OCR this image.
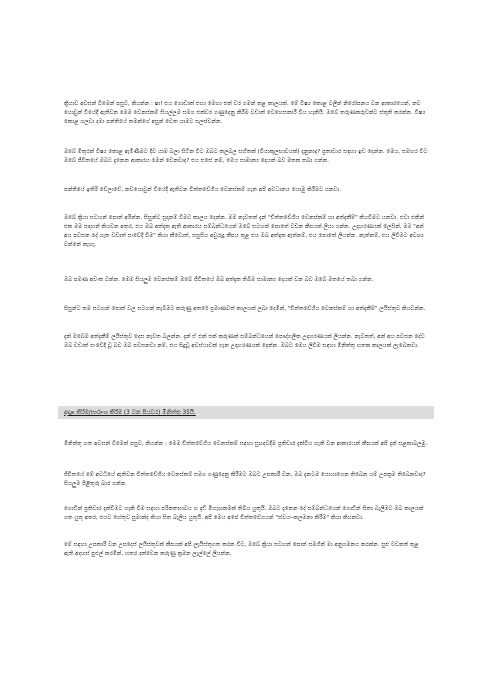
ක්‍රියාව අවසන් වීමෙන් පසුව, කියන්න : ෂා! එය ගොඩාක් එහා මෙහා එක් වර ගමන් කළ කාලයක්. මේ විෂ්‍ය කොළ වලින් නිරෝපනය වන ආකාරයෙන්, නව යොවුන් වියේදී ඇතිවන මෙම වෙනස්කම් සියල්ලම සමග එක්වර ගණුදෙනු කිරීම වඩාත් වෙහෙසකාරී විය හැකියි. ඔබේ තරුණකරුවන්ට ස්තූති කරන්න. විෂ්‍ය කොළ ගලවා දමා පන්තියේ තමන්ගේ අසුන් වෙත යාමට සලස්වන්න.

ඔබේ මිතුරන් විෂ්‍ය කොළ ඇමිණීමට දිව යාම බලා සිටින විට ඔබට කලබල සහිතක් (වියාකූලභාවයක්) දැනුනාද? ප්‍රතාචාර සඳහා ඉඩ දෙන්න. මෙය, සමහර විට ඔබේ ජීවිතයේ ඔබට දැනෙන ආකාරය මෙන් වෙනවාද? එය එසේ නම්, මෙය සාමාන්‍ය දෙයක් බව මතක තබා ගන්න.

පන්තියේ ඉතිරි වේලාවේ, නවයොවුන් වියේදී ඇතිවන චිත්තවේගීය වෙනස්කම් ගැන අපි අවධානය යොමු කිරීමට යනවා.

ඔබේ ක්‍රියා සටහන් පොත් අරින්න. සිසුන්ට සූදානම් වීමට කාලය දෙන්න. මම නැවතත් දැන් "චිත්තවේගීය වෙනස්කම් හා අත්දැකීම්" කියවීමට යනවා. එවා එකින් එක මම සඳහන් කියවන අතර, එය ඔබ අත්දැක ඇති ආකාරය සම්බන්ධයෙන් ඔබේ සටහන් පොතේ වචන කීපයක් ලියා ගන්න. උදාහරණයක් ලෙසින්, මම "අන් අය පවසන දේ ගැන වඩාත් සංවේදී වීම" කියා කීවොත්, සසුසිය අවුරුදු කීපය තුළ එය ඔබ අත්දැක ඇත්නම්, එය පොතේ ලියන්න. නැත්නම්, එය ලිවීමට අවශ්‍ය වන්නේ නැහැ.

ඔබ පමණ අවංක වන්න. මෙම සියලුම වෙනස්කම් ඔබේ ජීවිතයේ ඔබ අත්දැක තිබීම සාමාන්‍ය දෙයක් වන බව ඔබේ මතයේ තබා ගන්න.

සිසුන්ට තම සටහන් පොත් වල සටහන් කැබීමට කරුණු අතරේ ප්‍රමාණවත් කාලයක් ලබා දෙමින්, "චිත්තවේගීය වෙනස්කම් හා අත්දැකීම්" ලයිස්තුව කියවන්න.

දැන් ඔබේම අත්දැකීම් ලයිස්තුව දෙස නැවත බලන්න. දැන් ඒ එක් එක් කරුණක් සම්බන්ධයෙන් පෞද්ගලික උදාහරණයක් ලියන්න. නැවතත්, අන් අය පවසන දේට ඔබ වඩාත් සංවේදී වූ බව ඔබ පවසනවා නම්, එය සිදුවූ අවස්ථාවක් ගැන උදාහරණයක් දෙන්න. ඔබට මෙය ලිවීම සඳහා මිනිත්තු හතක කාලයක් ලැබෙනවා.

අදාළ කිරීම/සාරාංශ කිරීම (3 වන පියවර) මිනිත්තු 35යි.

මිනිත්තු හත අවසන් වීමෙන් පසුව, කියන්න : මෙම චිත්තවේගීය වෙනස්කම් සඳහා සුහදවදීම ප්‍රතිචාර දැක්විය හැකි වන ආකාරයන් කීපයක් අපි දැන් සළකාබලමු.

ජීවිතයේ මේ අවධියේ ඇතිවන චිත්තවේගීය වෙනස්කම් සමග ගණුදෙනු කිරීමට ඔබට උපකාරී වන, ඔබ දැනටම යොයාගෙන තිබෙන යම් උපක්‍රම තිබෙනවාද? සියලුම පිළිතුරු බාර ගන්න.

ගොඩින් ප්‍රතිචාර දැක්වීමට හැකි වීම සඳහා පරිනතභාවය හ දැඩි මිහැඟකමක් තිබිය යුතුයි. ඔබට දැනෙන දේ සම්බන්ධයෙන් ගොඩින් සිතා බැලීමට ඔබ කාලයක් ගත යුතු අතර, එයට හේතුව සුමාන්ද කියා සිත බැලිය යුතුයි. අපි මෙය අපේ චිත්තවේගයන් "ස්වයං-කලමනා කිරීම" කියා කියනවා.

මේ සඳහා උපකාරී වන උපදෙස් ලයිස්තුවක් කීපයක් අපි ලැයිස්තුගත කරන විට, ඔබේ ක්‍රියා සටහන් පොත් සමගින් මා අනුගමනය කරන්න. සුළු වචනත් තුළ ඇති අදහස් පුළුල් කරමින්, හතර දක්වෙන කරුණු ක්‍රමන ලැල්ලේ ලියන්න.
